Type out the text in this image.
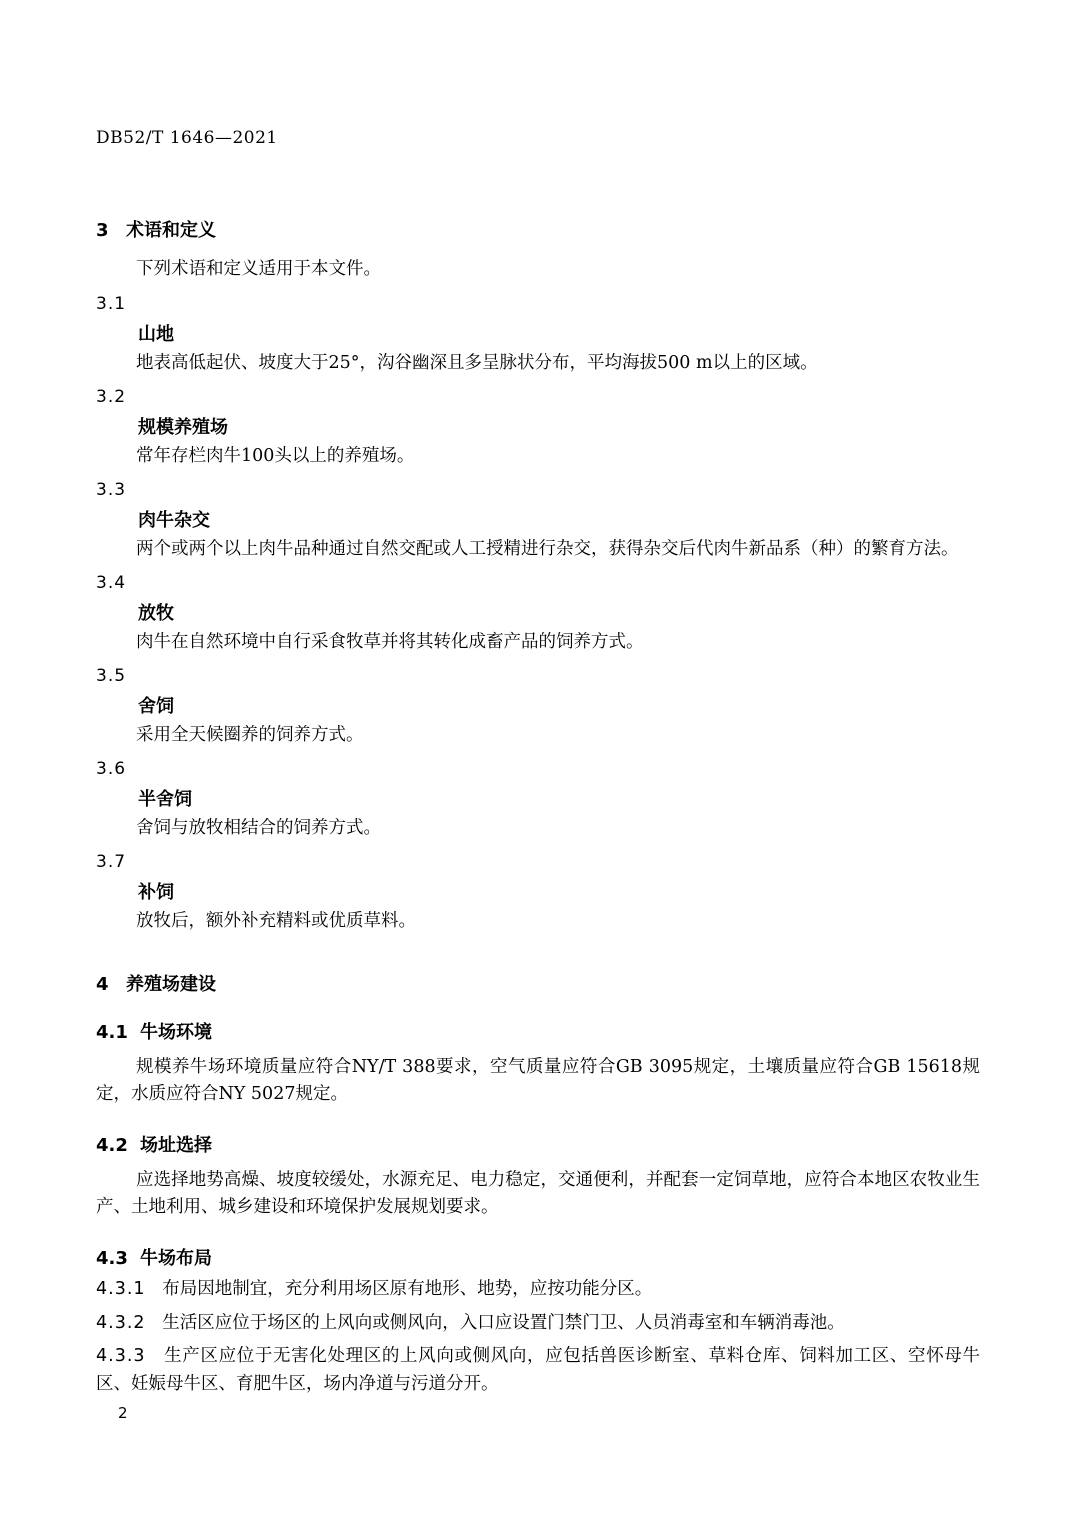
DB52/T 1646—2021
3 术语和定义
下列术语和定义适用于本文件。
3.1
山地
地表高低起伏、坡度大于25°，沟谷幽深且多呈脉状分布，平均海拔500 m以上的区域。
3.2
规模养殖场
常年存栏肉牛100头以上的养殖场。
3.3
肉牛杂交
两个或两个以上肉牛品种通过自然交配或人工授精进行杂交，获得杂交后代肉牛新品系（种）的繁育方法。
3.4
放牧
肉牛在自然环境中自行采食牧草并将其转化成畜产品的饲养方式。
3.5
舍饲
采用全天候圈养的饲养方式。
3.6
半舍饲
舍饲与放牧相结合的饲养方式。
3.7
补饲
放牧后，额外补充精料或优质草料。
4 养殖场建设
4.1 牛场环境
规模养牛场环境质量应符合NY/T 388要求，空气质量应符合GB 3095规定，土壤质量应符合GB 15618规定，水质应符合NY 5027规定。
4.2 场址选择
应选择地势高燥、坡度较缓处，水源充足、电力稳定，交通便利，并配套一定饲草地，应符合本地区农牧业生产、土地利用、城乡建设和环境保护发展规划要求。
4.3 牛场布局
4.3.1 布局因地制宜，充分利用场区原有地形、地势，应按功能分区。
4.3.2 生活区应位于场区的上风向或侧风向，入口应设置门禁门卫、人员消毒室和车辆消毒池。
4.3.3 生产区应位于无害化处理区的上风向或侧风向，应包括兽医诊断室、草料仓库、饲料加工区、空怀母牛区、妊娠母牛区、育肥牛区，场内净道与污道分开。
2
